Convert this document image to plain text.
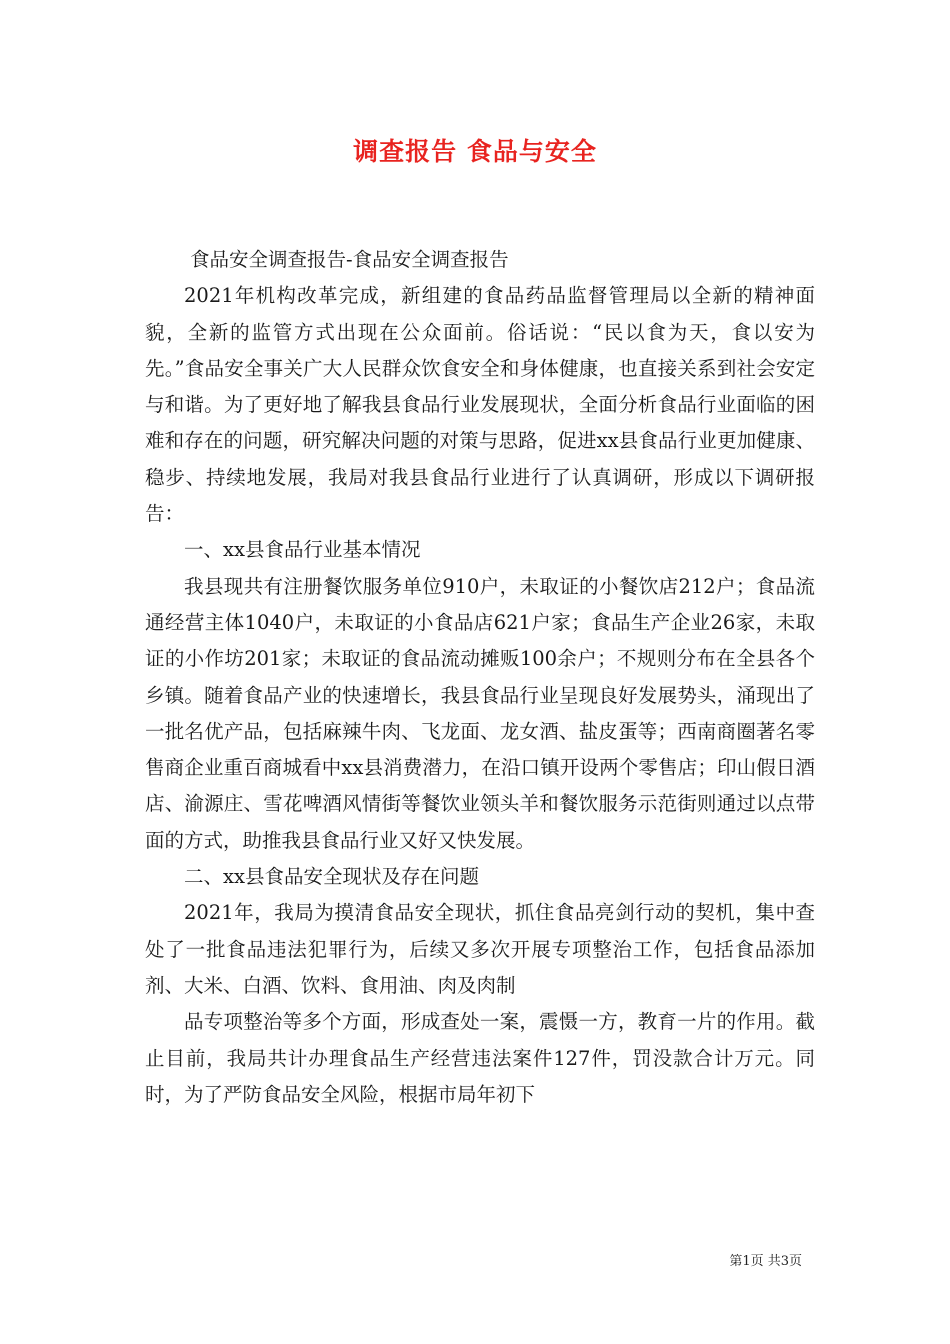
调查报告 食品与安全

食品安全调查报告-食品安全调查报告

2021年机构改革完成，新组建的食品药品监督管理局以全新的精神面貌，全新的监管方式出现在公众面前。俗话说：“民以食为天，食以安为先。”食品安全事关广大人民群众饮食安全和身体健康，也直接关系到社会安定与和谐。为了更好地了解我县食品行业发展现状，全面分析食品行业面临的困难和存在的问题，研究解决问题的对策与思路，促进xx县食品行业更加健康、稳步、持续地发展，我局对我县食品行业进行了认真调研，形成以下调研报告：

一、xx县食品行业基本情况

我县现共有注册餐饮服务单位910户，未取证的小餐饮店212户；食品流通经营主体1040户，未取证的小食品店621户家；食品生产企业26家，未取证的小作坊201家；未取证的食品流动摊贩100余户；不规则分布在全县各个乡镇。随着食品产业的快速增长，我县食品行业呈现良好发展势头，涌现出了一批名优产品，包括麻辣牛肉、飞龙面、龙女酒、盐皮蛋等；西南商圈著名零售商企业重百商城看中xx县消费潜力，在沿口镇开设两个零售店；印山假日酒店、渝源庄、雪花啤酒风情街等餐饮业领头羊和餐饮服务示范街则通过以点带面的方式，助推我县食品行业又好又快发展。

二、xx县食品安全现状及存在问题

2021年，我局为摸清食品安全现状，抓住食品亮剑行动的契机，集中查处了一批食品违法犯罪行为，后续又多次开展专项整治工作，包括食品添加剂、大米、白酒、饮料、食用油、肉及肉制

品专项整治等多个方面，形成查处一案，震慑一方，教育一片的作用。截止目前，我局共计办理食品生产经营违法案件127件，罚没款合计万元。同时，为了严防食品安全风险，根据市局年初下

第1页 共3页
